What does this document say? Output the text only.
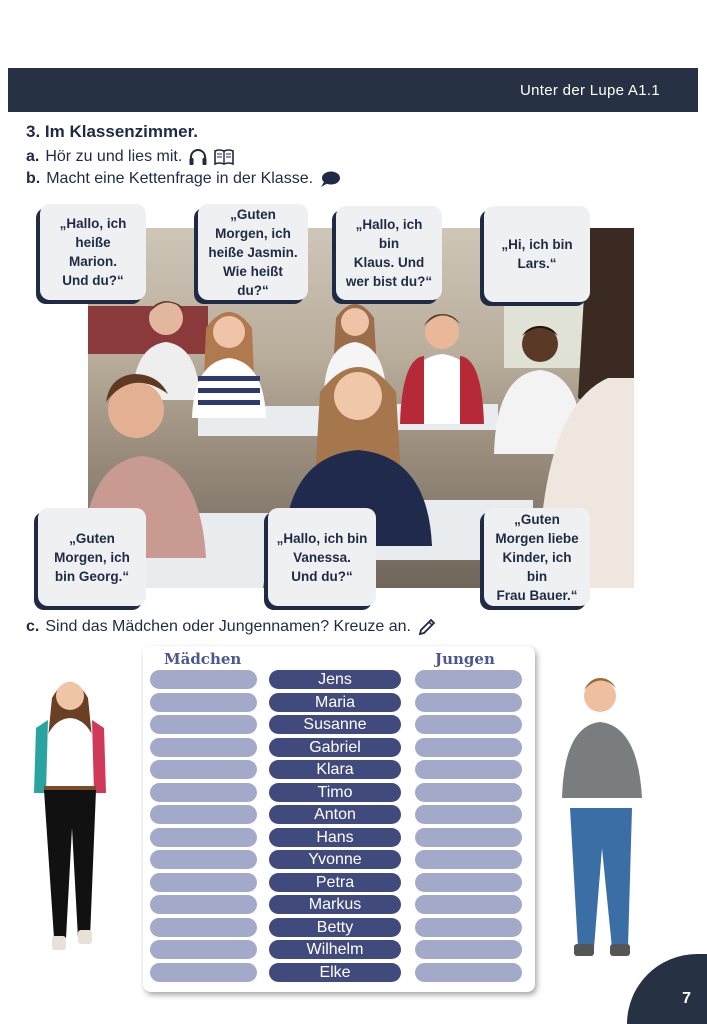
Unter der Lupe A1.1
3. Im Klassenzimmer.
a. Hör zu und lies mit.
b. Macht eine Kettenfrage in der Klasse.
„Hallo, ich
heiße
Marion.
Und du?“
„Guten
Morgen, ich
heiße Jasmin.
Wie heißt du?“
„Hallo, ich bin
Klaus. Und
wer bist du?“
„Hi, ich bin
Lars.“
„Guten
Morgen, ich
bin Georg.“
„Hallo, ich bin
Vanessa.
Und du?“
„Guten
Morgen liebe
Kinder, ich bin
Frau Bauer.“
c. Sind das Mädchen oder Jungennamen? Kreuze an.
Mädchen	Jungen
Jens
Maria
Susanne
Gabriel
Klara
Timo
Anton
Hans
Yvonne
Petra
Markus
Betty
Wilhelm
Elke
7
